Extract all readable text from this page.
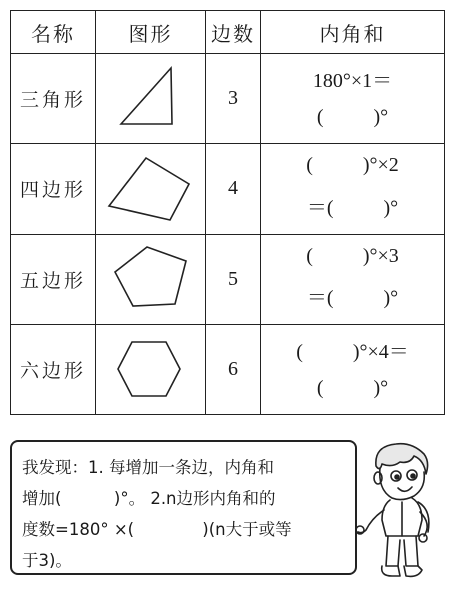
名称	图形	边数	内角和
三角形		3	180°×1＝
(          )°

四边形		4	(          )°×2
＝(          )°

五边形		5	(          )°×3
＝(          )°

六边形		6	(          )°×4＝
(          )°
我发现：1. 每增加一条边，内角和
增加(          )°。 2.n边形内角和的
度数=180° ×(             )(n大于或等
于3)。
